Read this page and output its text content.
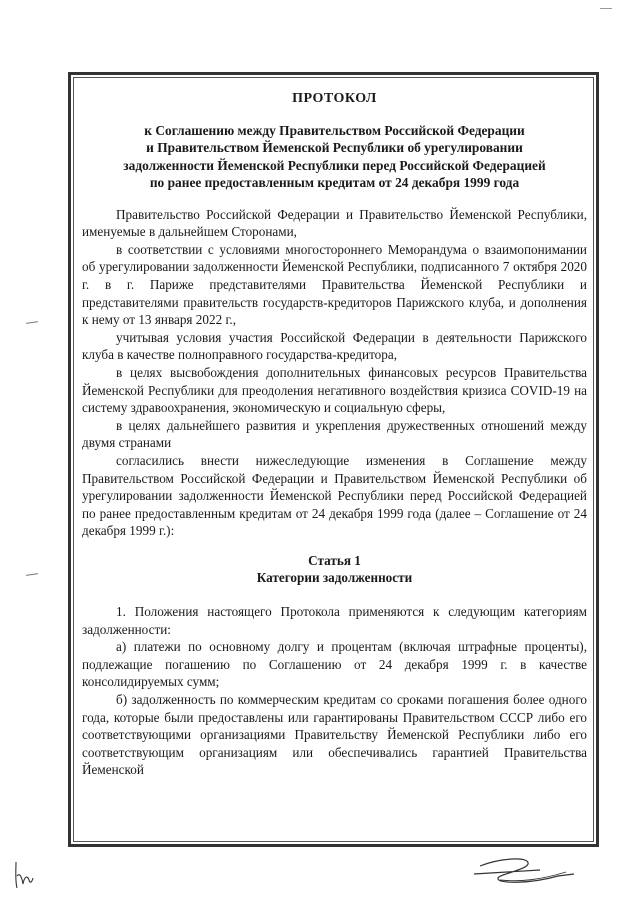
ПРОТОКОЛ
к Соглашению между Правительством Российской Федерации
и Правительством Йеменской Республики об урегулировании
задолженности Йеменской Республики перед Российской Федерацией
по ранее предоставленным кредитам от 24 декабря 1999 года

Правительство Российской Федерации и Правительство Йеменской Республики, именуемые в дальнейшем Сторонами,

в соответствии с условиями многостороннего Меморандума о взаимопонимании об урегулировании задолженности Йеменской Республики, подписанного 7 октября 2020 г. в г. Париже представителями Правительства Йеменской Республики и представителями правительств государств-кредиторов Парижского клуба, и дополнения к нему от 13 января 2022 г.,

учитывая условия участия Российской Федерации в деятельности Парижского клуба в качестве полноправного государства-кредитора,

в целях высвобождения дополнительных финансовых ресурсов Правительства Йеменской Республики для преодоления негативного воздействия кризиса COVID-19 на систему здравоохранения, экономическую и социальную сферы,

в целях дальнейшего развития и укрепления дружественных отношений между двумя странами

согласились внести нижеследующие изменения в Соглашение между Правительством Российской Федерации и Правительством Йеменской Республики об урегулировании задолженности Йеменской Республики перед Российской Федерацией по ранее предоставленным кредитам от 24 декабря 1999 года (далее – Соглашение от 24 декабря 1999 г.):

Статья 1
Категории задолженности

1. Положения настоящего Протокола применяются к следующим категориям задолженности:

а) платежи по основному долгу и процентам (включая штрафные проценты), подлежащие погашению по Соглашению от 24 декабря 1999 г. в качестве консолидируемых сумм;

б) задолженность по коммерческим кредитам со сроками погашения более одного года, которые были предоставлены или гарантированы Правительством СССР либо его соответствующими организациями Правительству Йеменской Республики либо его соответствующим организациям или обеспечивались гарантией Правительства Йеменской
